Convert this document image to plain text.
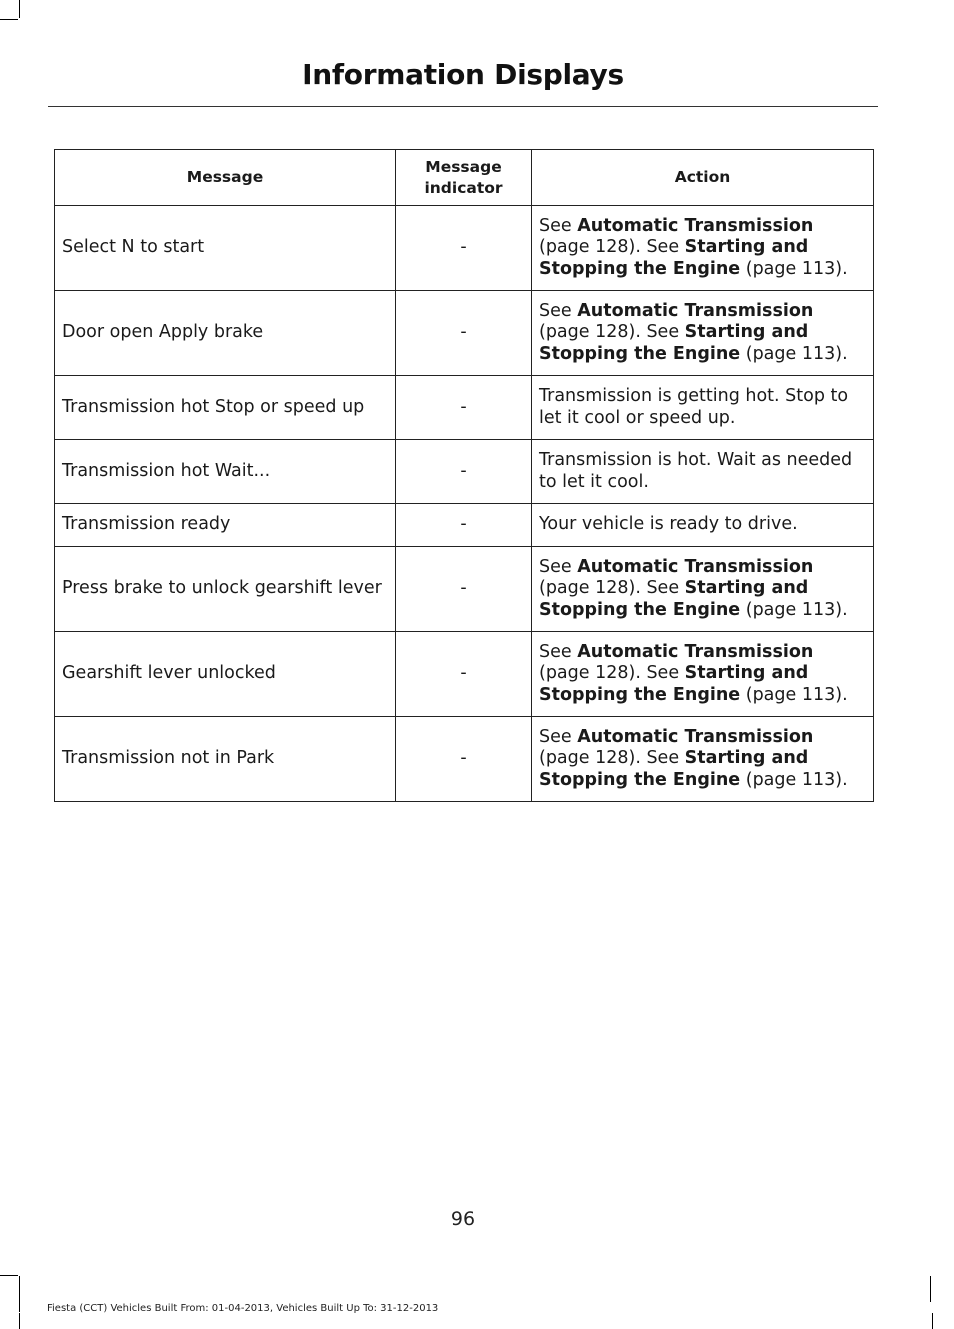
Information Displays
Message	Message indicator	Action
Select N to start	-	See Automatic Transmission (page 128). See Starting and Stopping the Engine (page 113).
Door open Apply brake	-	See Automatic Transmission (page 128). See Starting and Stopping the Engine (page 113).
Transmission hot Stop or speed up	-	Transmission is getting hot. Stop to let it cool or speed up.
Transmission hot Wait...	-	Transmission is hot. Wait as needed to let it cool.
Transmission ready	-	Your vehicle is ready to drive.
Press brake to unlock gearshift lever	-	See Automatic Transmission (page 128). See Starting and Stopping the Engine (page 113).
Gearshift lever unlocked	-	See Automatic Transmission (page 128). See Starting and Stopping the Engine (page 113).
Transmission not in Park	-	See Automatic Transmission (page 128). See Starting and Stopping the Engine (page 113).
96
Fiesta (CCT) Vehicles Built From: 01-04-2013, Vehicles Built Up To: 31-12-2013
